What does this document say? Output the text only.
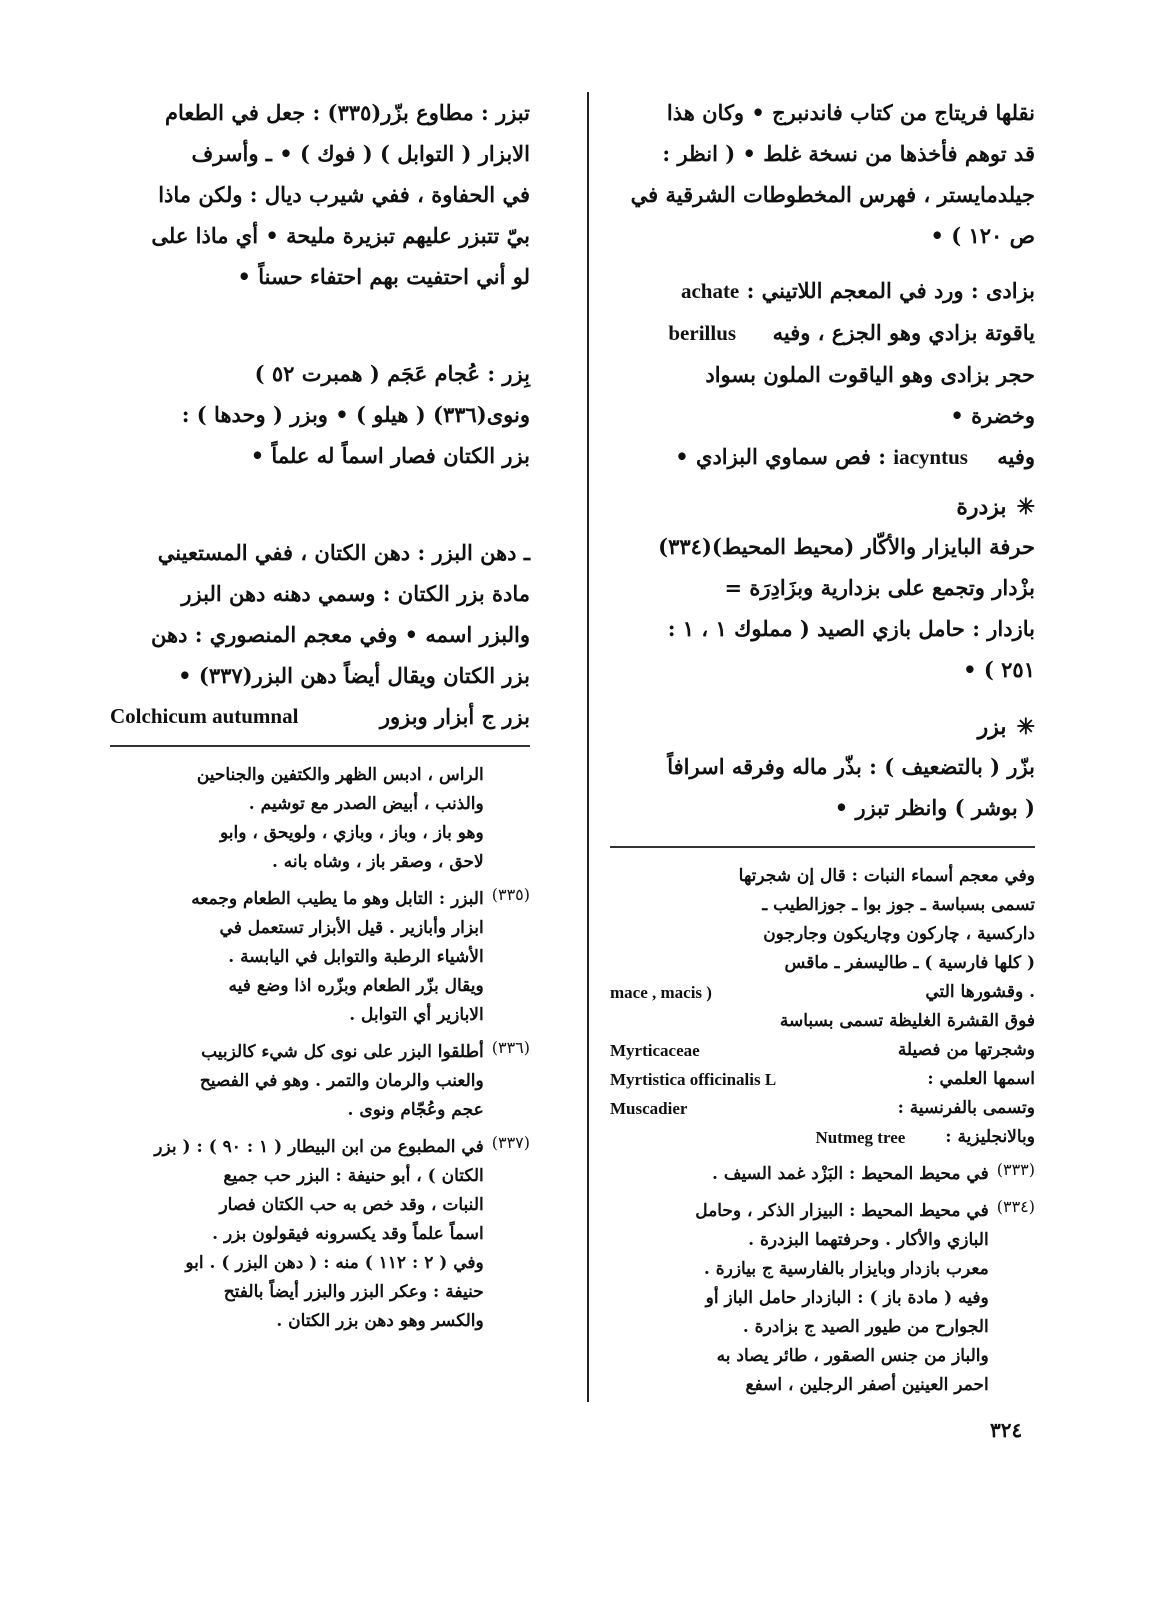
نقلها فريتاج من كتاب فاندنبرج • وكان هذا

قد توهم فأخذها من نسخة غلط • ( انظر :

جيلدمايستر ، فهرس المخطوطات الشرقية في

ص ١٢٠ ) •

بزادى : ورد في المعجم اللاتيني : achate

ياقوتة بزادي وهو الجزع ، وفيه     berillus

حجر بزادى وهو الياقوت الملون بسواد

وخضرة •

وفيه    iacyntus : فص سماوي البزادي •

✳
بزدرة

حرفة البايزار والأكّار (محيط المحيط)(٣٣٤)

بزْدار وتجمع على بزدارية وبزَادِرَة =

بازدار : حامل بازي الصيد ( مملوك ١ ، ١ :

٢٥١ ) •

✳
بزر

بزّر ( بالتضعيف ) : بذّر ماله وفرقه اسرافاً

( بوشر ) وانظر تبزر •

وفي معجم أسماء النبات : قال إن شجرتها

تسمى بسباسة ـ جوز بوا ـ جوزالطيب ـ

داركسية ، چاركون وچاريكون وجارجون

( كلها فارسية ) ـ طاليسفر ـ ماقس

. وقشورها التي
mace , macis )

فوق القشرة الغليظة تسمى بسباسة

وشجرتها من فصيلة
Myrticaceae
اسمها العلمي :
Myrtistica officinalis L
وتسمى بالفرنسية :
Muscadier
وبالانجليزية :
Nutmeg tree
(٣٣٣)

في محيط المحيط : البَزْد غمد السيف .

(٣٣٤)

في محيط المحيط : البيزار الذكر ، وحامل

البازي والأكار . وحرفتهما البزدرة .

معرب بازدار وبايزار بالفارسية ج بيازرة .

وفيه ( مادة باز ) : البازدار حامل الباز أو

الجوارح من طيور الصيد ج بزادرة .

والباز من جنس الصقور ، طائر يصاد به

احمر العينين أصفر الرجلين ، اسفع

تبزر : مطاوع بزّر(٣٣٥) : جعل في الطعام

الابزار ( التوابل ) ( فوك ) • ـ وأسرف

في الحفاوة ، ففي شيرب ديال : ولكن ماذا

بيّ تتبزر عليهم تبزيرة مليحة • أي ماذا على

لو أني احتفيت بهم احتفاء حسناً •

بِزر : عُجام عَجَم ( همبرت ٥٢ )

ونوى(٣٣٦) ( هيلو ) • وبزر ( وحدها ) :

بزر الكتان فصار اسماً له علماً •

ـ دهن البزر : دهن الكتان ، ففي المستعيني

مادة بزر الكتان : وسمي دهنه دهن البزر

والبزر اسمه • وفي معجم المنصوري : دهن

بزر الكتان ويقال أيضاً دهن البزر(٣٣٧) •

بزر ج أبزار وبزور
Colchicum autumnal

الراس ، ادبس الظهر والكتفين والجناحين

والذنب ، أبيض الصدر مع توشيم .

وهو باز ، وباز ، وبازي ، ولويحق ، وابو

لاحق ، وصقر باز ، وشاه بانه .

(٣٣٥)

البزر : التابل وهو ما يطيب الطعام وجمعه

ابزار وأبازير . قيل الأبزار تستعمل في

الأشياء الرطبة والتوابل في اليابسة .

ويقال بزّر الطعام وبزّره اذا وضع فيه

الابازير أي التوابل .

(٣٣٦)

أطلقوا البزر على نوى كل شيء كالزبيب

والعنب والرمان والتمر . وهو في الفصيح

عجم وعُجّام ونوى .

(٣٣٧)

في المطبوع من ابن البيطار ( ١ : ٩٠ ) : ( بزر

الكتان ) ، أبو حنيفة : البزر حب جميع

النبات ، وقد خص به حب الكتان فصار

اسماً علماً وقد يكسرونه فيقولون بزر .

وفي ( ٢ : ١١٢ ) منه : ( دهن البزر ) . ابو

حنيفة : وعكر البزر والبزر أيضاً بالفتح

والكسر وهو دهن بزر الكتان .

٣٢٤
